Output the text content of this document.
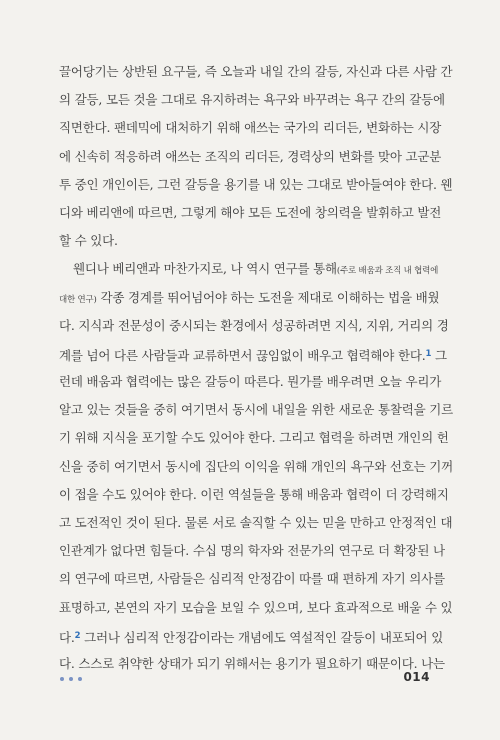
끌어당기는 상반된 요구들, 즉 오늘과 내일 간의 갈등, 자신과 다른 사람 간
의 갈등, 모든 것을 그대로 유지하려는 욕구와 바꾸려는 욕구 간의 갈등에
직면한다. 팬데믹에 대처하기 위해 애쓰는 국가의 리더든, 변화하는 시장
에 신속히 적응하려 애쓰는 조직의 리더든, 경력상의 변화를 맞아 고군분
투 중인 개인이든, 그런 갈등을 용기를 내 있는 그대로 받아들여야 한다. 웬
디와 베리앤에 따르면, 그렇게 해야 모든 도전에 창의력을 발휘하고 발전
할 수 있다.
웬디나 베리앤과 마찬가지로, 나 역시 연구를 통해(주로 배움과 조직 내 협력에
대한 연구) 각종 경계를 뛰어넘어야 하는 도전을 제대로 이해하는 법을 배웠
다. 지식과 전문성이 중시되는 환경에서 성공하려면 지식, 지위, 거리의 경
계를 넘어 다른 사람들과 교류하면서 끊임없이 배우고 협력해야 한다.$^1$ 그
런데 배움과 협력에는 많은 갈등이 따른다. 뭔가를 배우려면 오늘 우리가
알고 있는 것들을 중히 여기면서 동시에 내일을 위한 새로운 통찰력을 기르
기 위해 지식을 포기할 수도 있어야 한다. 그리고 협력을 하려면 개인의 헌
신을 중히 여기면서 동시에 집단의 이익을 위해 개인의 욕구와 선호는 기꺼
이 접을 수도 있어야 한다. 이런 역설들을 통해 배움과 협력이 더 강력해지
고 도전적인 것이 된다. 물론 서로 솔직할 수 있는 믿을 만하고 안정적인 대
인관계가 없다면 힘들다. 수십 명의 학자와 전문가의 연구로 더 확장된 나
의 연구에 따르면, 사람들은 심리적 안정감이 따를 때 편하게 자기 의사를
표명하고, 본연의 자기 모습을 보일 수 있으며, 보다 효과적으로 배울 수 있
다.$^2$ 그러나 심리적 안정감이라는 개념에도 역설적인 갈등이 내포되어 있
다. 스스로 취약한 상태가 되기 위해서는 용기가 필요하기 때문이다. 나는
014
